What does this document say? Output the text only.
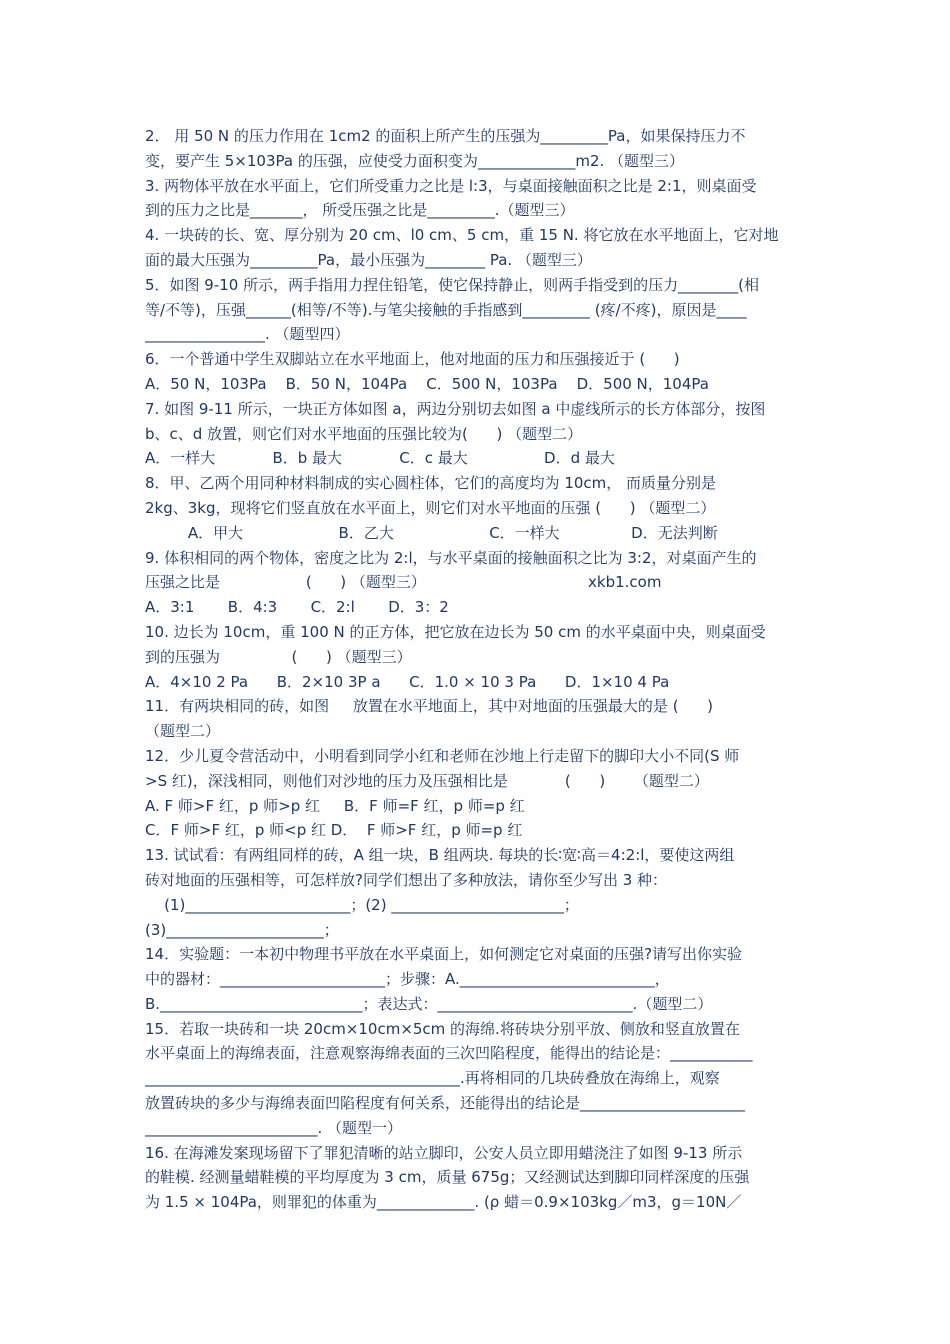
2． 用 50 N 的压力作用在 1cm2 的面积上所产生的压强为_________Pa，如果保持压力不
变，要产生 5×103Pa 的压强，应使受力面积变为_____________m2. （题型三）
3. 两物体平放在水平面上，它们所受重力之比是 l:3，与桌面接触面积之比是 2:1，则桌面受
到的压力之比是_______， 所受压强之比是_________.（题型三）
4. 一块砖的长、宽、厚分别为 20 cm、l0 cm、5 cm，重 15 N. 将它放在水平地面上，它对地
面的最大压强为_________Pa，最小压强为________ Pa. （题型三）
5．如图 9-10 所示，两手指用力捏住铅笔，使它保持静止，则两手指受到的压力________(相
等/不等)，压强______(相等/不等).与笔尖接触的手指感到_________ (疼/不疼)，原因是____
________________. （题型四）
6．一个普通中学生双脚站立在水平地面上，他对地面的压力和压强接近于 (      )
A．50 N，103Pa    B．50 N，104Pa    C．500 N，103Pa    D．500 N，104Pa
7. 如图 9-11 所示，一块正方体如图 a，两边分别切去如图 a 中虚线所示的长方体部分，按图
b、c、d 放置，则它们对水平地面的压强比较为(      ) （题型二）
A．一样大            B．b 最大            C．c 最大                D．d 最大
8．甲、乙两个用同种材料制成的实心圆柱体，它们的高度均为 10cm， 而质量分别是
2kg、3kg，现将它们竖直放在水平面上，则它们对水平地面的压强 (      ) （题型二）
A．甲大                    B．乙大                    C．一样大               D．无法判断
9. 体积相同的两个物体，密度之比为 2:l，与水平桌面的接触面积之比为 3:2，对桌面产生的
压强之比是                  (      ) （题型三）                                  xkb1.com
A．3:1       B．4:3       C．2:l       D．3：2
10. 边长为 10cm，重 100 N 的正方体，把它放在边长为 50 cm 的水平桌面中央，则桌面受
到的压强为               (      ) （题型三）
A．4×10 2 Pa      B．2×10 3P a      C．1.0 × 10 3 Pa      D．1×10 4 Pa
11．有两块相同的砖，如图     放置在水平地面上，其中对地面的压强最大的是 (      )
（题型二）
12．少儿夏令营活动中，小明看到同学小红和老师在沙地上行走留下的脚印大小不同(S 师
>S 红)，深浅相同，则他们对沙地的压力及压强相比是            (      )      （题型二）
A. F 师>F 红，p 师>p 红     B．F 师=F 红，p 师=p 红
C．F 师>F 红，p 师<p 红 D．  F 师>F 红，p 师=p 红
13. 试试看：有两组同样的砖，A 组一块，B 组两块. 每块的长∶宽∶高＝4:2:l，要使这两组
砖对地面的压强相等，可怎样放?同学们想出了多种放法，请你至少写出 3 种：
(1)______________________；(2) _______________________；
(3)_____________________；
14．实验题：一本初中物理书平放在水平桌面上，如何测定它对桌面的压强?请写出你实验
中的器材：______________________；步骤：A.__________________________，
B.___________________________；表达式：__________________________.（题型二）
15．若取一块砖和一块 20cm×10cm×5cm 的海绵.将砖块分别平放、侧放和竖直放置在
水平桌面上的海绵表面，注意观察海绵表面的三次凹陷程度，能得出的结论是：___________
__________________________________________.再将相同的几块砖叠放在海绵上，观察
放置砖块的多少与海绵表面凹陷程度有何关系，还能得出的结论是______________________
_______________________. （题型一）
16. 在海滩发案现场留下了罪犯清晰的站立脚印，公安人员立即用蜡浇注了如图 9-13 所示
的鞋模. 经测量蜡鞋模的平均厚度为 3 cm，质量 675g；又经测试达到脚印同样深度的压强
为 1.5 × 104Pa，则罪犯的体重为_____________. (ρ 蜡＝0.9×103kg／m3，g＝10N／
